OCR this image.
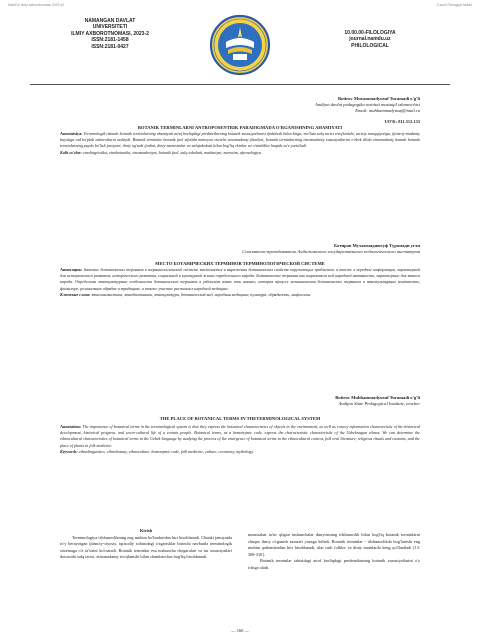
NamDU ilmiy axborotnomasi 2023 yil	3-sonli Filologiya fanlari
NAMANGAN DAVLAT
UNIVERSITETI
ILMIY AXBOROTNOMASI, 2023-2
ISSN:2181-1458
ISSN:2181-0427
10.00.00-FILOLOGIYA
journal.namdu.uz
PHILOLOGICAL
Botirov Muxammadyusuf Turamadi o'g'li
Andijon davlat pedagogika instituti mustaqil izlanuvchisi
Email: muhhammadyusuf@mail.ru
UO'K: 811.512.133
BOTANIK TERMINLARNI ANTROPOSENTRIK PARADIGMADA O'RGANISHNING AHAMIYATI
Annotatsiya: Terminologik tizimda botanik terminlarning ahamiyati atrof borliqdagi predmetlarning botanik xususiyatlarini ifodalash bilan birga, ma'lum xalq tarixi rivojlanishi, tarixiy taraqqiyotiga, ijtimoiy-madaniy hayotiga oid ko'plab axborotlarni tashiydi. Botanik terminlar botanik faol sifatida namoyon etuvchi etnomadaniy jihatlari, botanik terminlarning etnomadaniy xususiyatlarini o'zbek tilida etnomadaniy hamda botanik terminlarning paydo bo'lish jarayoni, ilmiy og'zaki ijodini, diniy-marosimlar va xalqtabobati bilan bog'liq ekinlar va o'simliklar haqida so'z yuritiladi.
Kalit so'zlar: etnolingvistika, etnobotanika, etnomadaniyat, botanik faol, xalq tabobati, madaniyat, marosim, afsonologiya.
Ботиров Мухаммадиюсуф Турамади угли
Соискатель-преподаватель Андижанского государственного педагогического института
МЕСТО БОТАНИЧЕСКИХ ТЕРМИНОВ ТЕРМИНОЛОГИЧЕСКОЙ СИСТЕМЕ
Аннотация: Значение ботанических терминов в терминологической системе заключается в выражении ботанических свойств окружающих предметов, а также в передаче информации, характерной для исторического развития, исторического развития, социальной и культурной жизни определенного народа. Ботанические термины как выразители ней народной активности, характерные для этноса народа. Определены этнокультурные особенности ботанических терминов в узбекском языке так именно, которая процесс возникновения ботанических терминов в этнокультурных контекстах, фольклоре, религиозных обрядах и традициях, а также участие растения в народной медицине.
Ключевые слова: этнолингвистика, этнобиотаника, этнокультура, ботанический вид, народная медицина, культура, обрядность, мифология.
Botirov Muhhammadyusuf Turamadi o'g'li
Andijan State Pedagogical Institute, teacher
THE PLACE OF BOTANICAL TERMS IN THETERMINOLOGICAL SYSTEM
Annotation: The importance of botanical terms in the terminological system is that they express the botanical characteristics of objects in the environment, as well as convey information characteristic of the historical development, historical progress, and socio-cultural life of a certain people. Botanical terms, as a homonymic code, express the characteristic characteristic of the Uzbeknagan ethnos. We can determine the ethnocultural characteristics of botanical terms in the Uzbek language by studying the process of the emergence of botanical terms in the ethnocultural context, folk oral literature, religious rituals and customs, and the place of plants in folk medicine.
Keywords: ethnolinguistics, ethnobotany, ethnoculture, homonymic code, folk medicine, culture, ceremony, mythology.
Kirish
Terminologiya tilshunoslikning eng muhim bo'limlaridan biri hisoblanadi. Chunki jamiyatda ro'y berayotgan ijtimoiy-siyosiy, iqtisodiy sohasidagi o'zgarishlar birinchi navbatda terminologik sistemaga o'z ta'sirini ko'rsatadi. Botanik terminlar esa tushuncha chegaralari va tur xususiyatlari doirasida xalq tarixi, etnomadaniy rivojlanishi bilan chambarchas bog'liq hisoblanadi.
munosabat ta'sir qilgan tushunchalar dunyosining tilshunoslik bilan bog'liq botanik terminlarni chuqur ilmiy o'rganish zarurati yuzaga keladi. Botanik terminlar - tilshunoslikda bog'lanishi eng muhim qatlamlaridan biri hisoblanadi, ular turli folklor va diniy matnlarda keng qo'llaniladi [13: 308-310].
Botanik terminlar tabiatdagi atrof borliqdagi predmetlarning botanik xususiyatlarini o'z ichiga oladi.
— 160 —
